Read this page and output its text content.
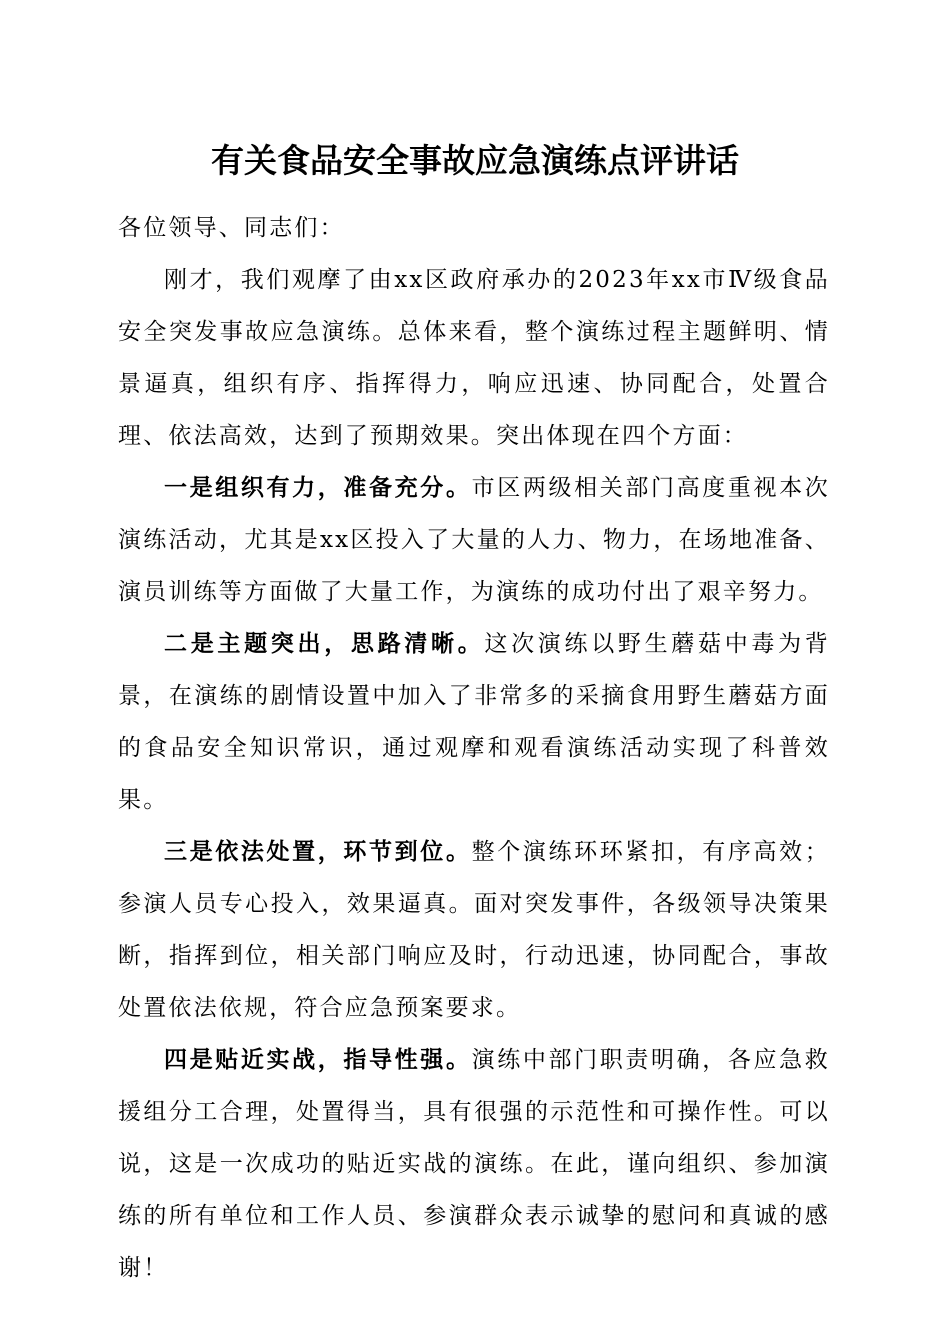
有关食品安全事故应急演练点评讲话

各位领导、同志们：

刚才，我们观摩了由xx区政府承办的2023年xx市Ⅳ级食品安全突发事故应急演练。总体来看，整个演练过程主题鲜明、情景逼真，组织有序、指挥得力，响应迅速、协同配合，处置合理、依法高效，达到了预期效果。突出体现在四个方面：

一是组织有力，准备充分。市区两级相关部门高度重视本次演练活动，尤其是xx区投入了大量的人力、物力，在场地准备、演员训练等方面做了大量工作，为演练的成功付出了艰辛努力。

二是主题突出，思路清晰。这次演练以野生蘑菇中毒为背景，在演练的剧情设置中加入了非常多的采摘食用野生蘑菇方面的食品安全知识常识，通过观摩和观看演练活动实现了科普效果。

三是依法处置，环节到位。整个演练环环紧扣，有序高效；参演人员专心投入，效果逼真。面对突发事件，各级领导决策果断，指挥到位，相关部门响应及时，行动迅速，协同配合，事故处置依法依规，符合应急预案要求。

四是贴近实战，指导性强。演练中部门职责明确，各应急救援组分工合理，处置得当，具有很强的示范性和可操作性。可以说，这是一次成功的贴近实战的演练。在此，谨向组织、参加演练的所有单位和工作人员、参演群众表示诚挚的慰问和真诚的感谢！
